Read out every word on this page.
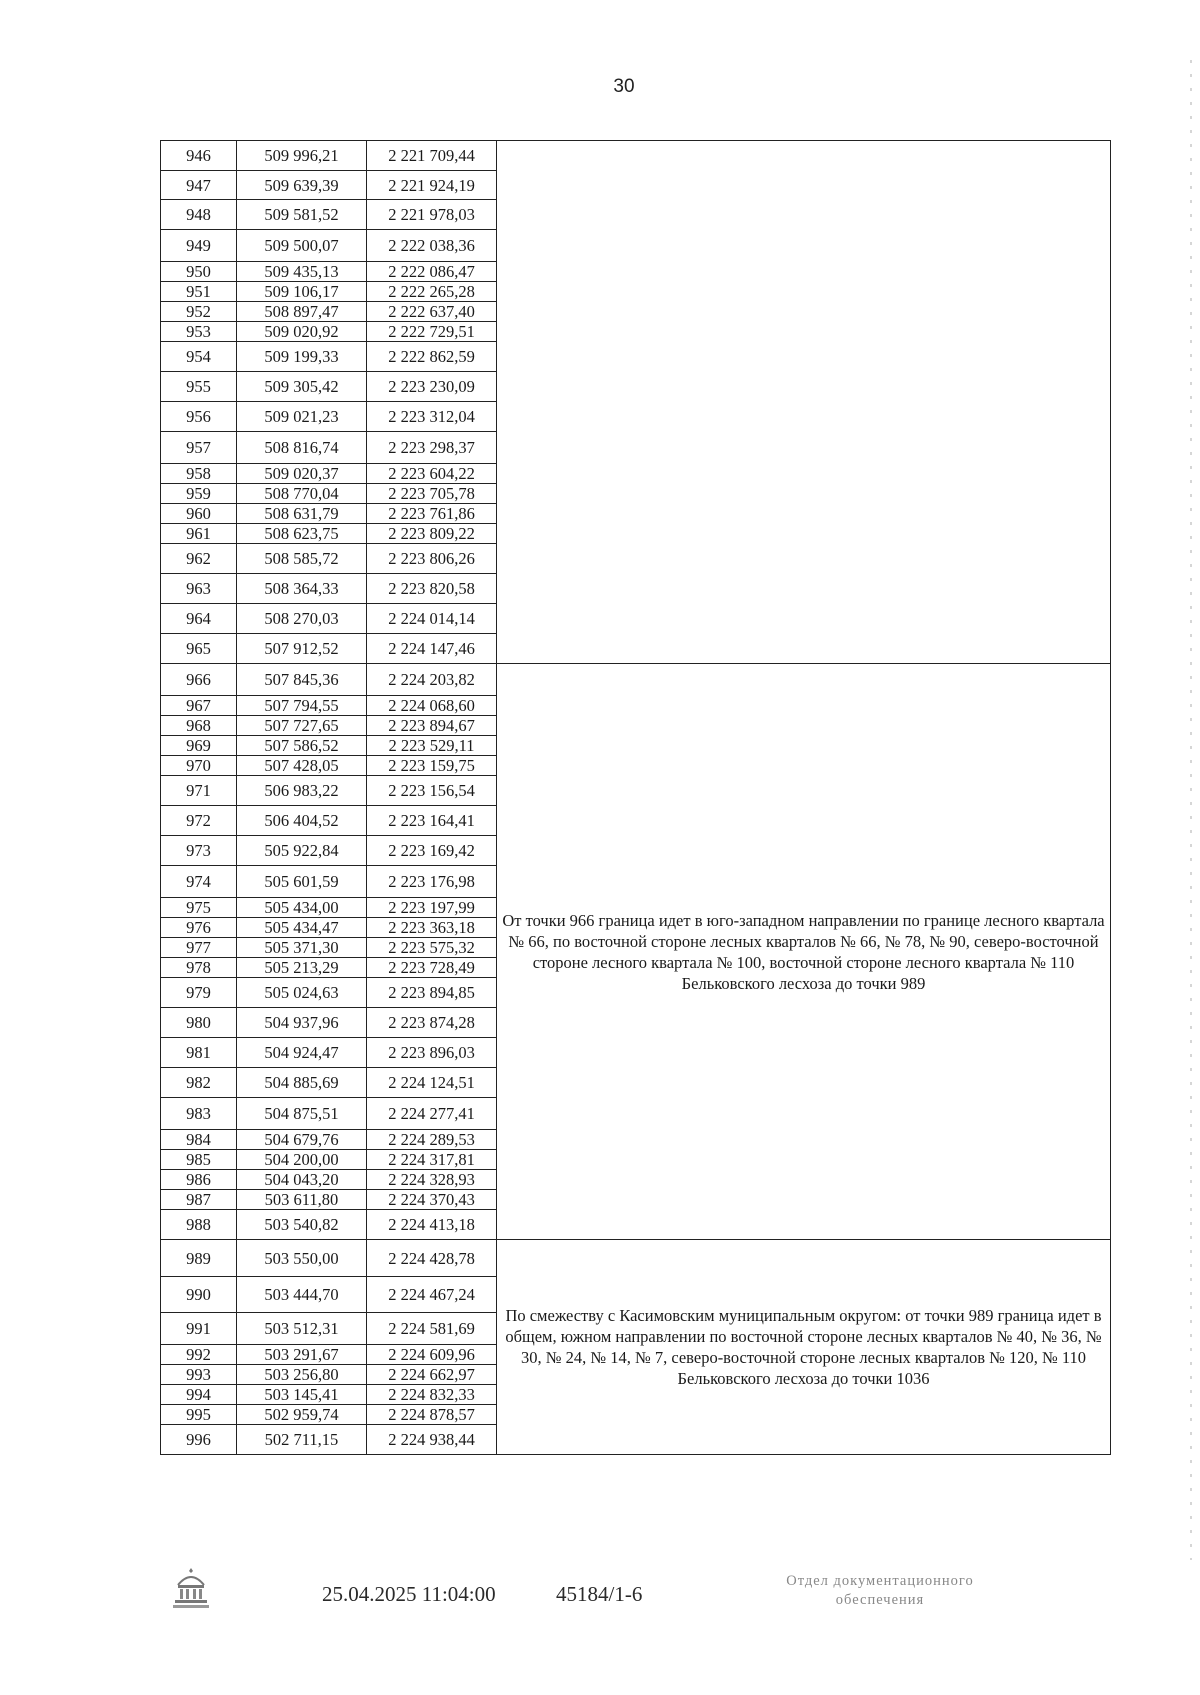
30
946	509 996,21	2 221 709,44	
947	509 639,39	2 221 924,19	
948	509 581,52	2 221 978,03	
949	509 500,07	2 222 038,36	
950	509 435,13	2 222 086,47	
951	509 106,17	2 222 265,28	
952	508 897,47	2 222 637,40	
953	509 020,92	2 222 729,51	
954	509 199,33	2 222 862,59	
955	509 305,42	2 223 230,09	
956	509 021,23	2 223 312,04	
957	508 816,74	2 223 298,37	
958	509 020,37	2 223 604,22	
959	508 770,04	2 223 705,78	
960	508 631,79	2 223 761,86	
961	508 623,75	2 223 809,22	
962	508 585,72	2 223 806,26	
963	508 364,33	2 223 820,58	
964	508 270,03	2 224 014,14	
965	507 912,52	2 224 147,46	
966	507 845,36	2 224 203,82	От точки 966 граница идет в юго-западном направлении по границе лесного квартала № 66, по восточной стороне лесных кварталов № 66, № 78, № 90, северо-восточной стороне лесного квартала № 100, восточной стороне лесного квартала № 110 Бельковского лесхоза до точки 989
967	507 794,55	2 224 068,60	
968	507 727,65	2 223 894,67	
969	507 586,52	2 223 529,11	
970	507 428,05	2 223 159,75	
971	506 983,22	2 223 156,54	
972	506 404,52	2 223 164,41	
973	505 922,84	2 223 169,42	
974	505 601,59	2 223 176,98	
975	505 434,00	2 223 197,99	
976	505 434,47	2 223 363,18	
977	505 371,30	2 223 575,32	
978	505 213,29	2 223 728,49	
979	505 024,63	2 223 894,85	
980	504 937,96	2 223 874,28	
981	504 924,47	2 223 896,03	
982	504 885,69	2 224 124,51	
983	504 875,51	2 224 277,41	
984	504 679,76	2 224 289,53	
985	504 200,00	2 224 317,81	
986	504 043,20	2 224 328,93	
987	503 611,80	2 224 370,43	
988	503 540,82	2 224 413,18	
989	503 550,00	2 224 428,78	По смежеству с Касимовским муниципальным округом: от точки 989 граница идет в общем, южном направлении по восточной стороне лесных кварталов № 40, № 36, № 30, № 24, № 14, № 7, северо-восточной стороне лесных кварталов № 120, № 110 Бельковского лесхоза до точки 1036
990	503 444,70	2 224 467,24	
991	503 512,31	2 224 581,69	
992	503 291,67	2 224 609,96	
993	503 256,80	2 224 662,97	
994	503 145,41	2 224 832,33	
995	502 959,74	2 224 878,57	
996	502 711,15	2 224 938,44	
25.04.2025 11:04:00	45184/1-6
Отдел документационного
обеспечения
